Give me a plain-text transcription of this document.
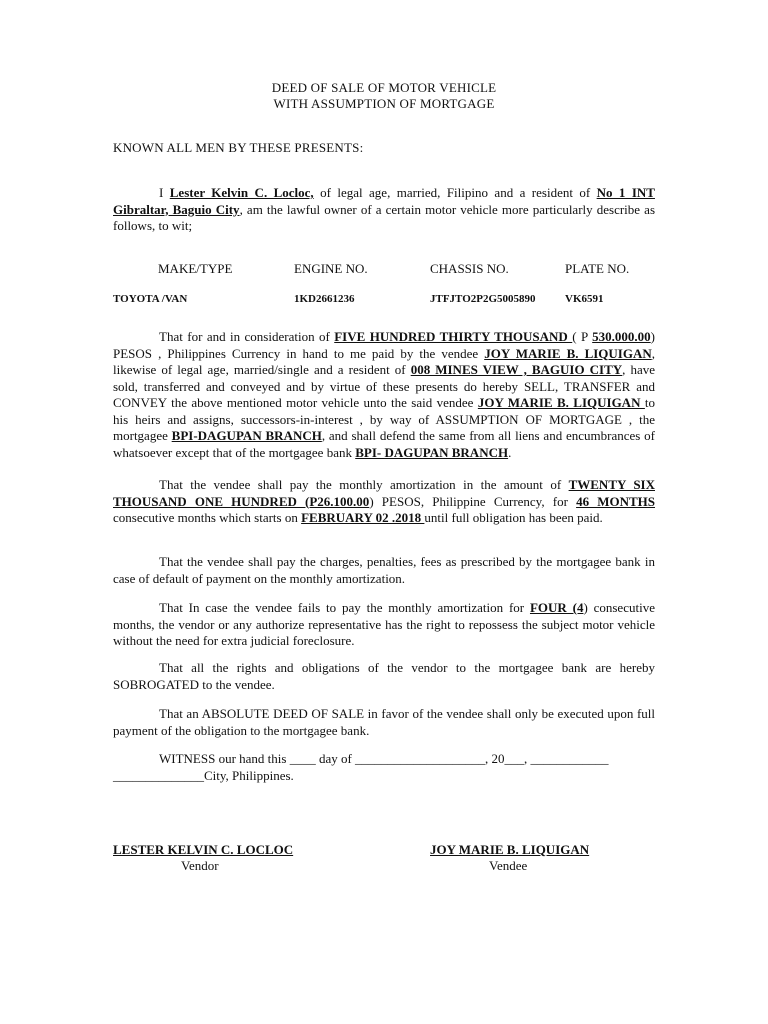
DEED OF SALE OF MOTOR VEHICLE
WITH ASSUMPTION OF MORTGAGE
KNOWN ALL MEN BY THESE PRESENTS:

I Lester Kelvin C. Locloc, of legal age, married, Filipino and a resident of No 1 INT Gibraltar, Baguio City, am the lawful owner of a certain motor vehicle more particularly describe as follows, to wit;

MAKE/TYPE	ENGINE NO.	CHASSIS NO.	PLATE NO.
TOYOTA /VAN	1KD2661236	JTFJTO2P2G5005890	VK6591

That for and in consideration of FIVE HUNDRED THIRTY THOUSAND ( P 530.000.00) PESOS , Philippines Currency in hand to me paid by the vendee JOY MARIE B. LIQUIGAN, likewise of legal age, married/single and a resident of 008 MINES VIEW , BAGUIO CITY, have sold, transferred and conveyed and by virtue of these presents do hereby SELL, TRANSFER and CONVEY the above mentioned motor vehicle unto the said vendee JOY MARIE B. LIQUIGAN to his heirs and assigns, successors-in-interest , by way of ASSUMPTION OF MORTGAGE , the mortgagee BPI-DAGUPAN BRANCH, and shall defend the same from all liens and encumbrances of whatsoever except that of the mortgagee bank BPI- DAGUPAN BRANCH.

That the vendee shall pay the monthly amortization in the amount of TWENTY SIX THOUSAND ONE HUNDRED (P26.100.00) PESOS, Philippine Currency, for 46 MONTHS consecutive months which starts on FEBRUARY 02 .2018 until full obligation has been paid.

That the vendee shall pay the charges, penalties, fees as prescribed by the mortgagee bank in case of default of payment on the monthly amortization.

That In case the vendee fails to pay the monthly amortization for FOUR (4) consecutive months, the vendor or any authorize representative has the right to repossess the subject motor vehicle without the need for extra judicial foreclosure.

That all the rights and obligations of the vendor to the mortgagee bank are hereby SOBROGATED to the vendee.

That an ABSOLUTE DEED OF SALE in favor of the vendee shall only be executed upon full payment of the obligation to the mortgagee bank.

WITNESS our hand this ____ day of ____________________, 20___, ____________
______________City, Philippines.

LESTER KELVIN C. LOCLOC
Vendor
JOY MARIE B. LIQUIGAN
Vendee
